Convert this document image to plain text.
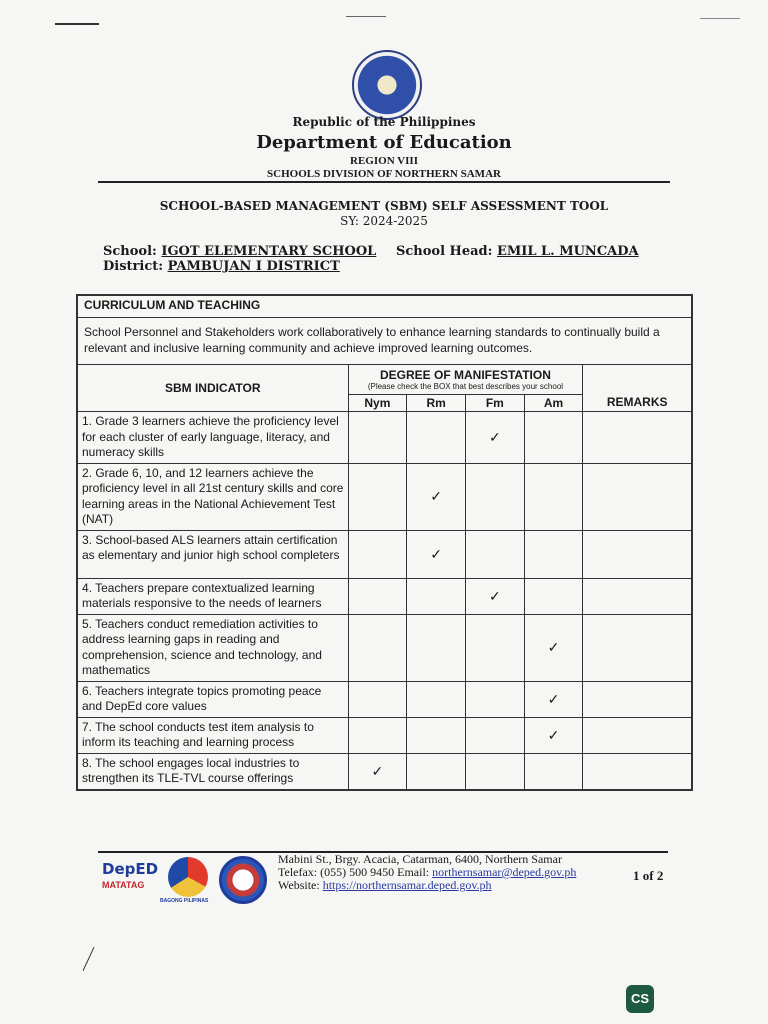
Republic of the Philippines
Department of Education
REGION VIII
SCHOOLS DIVISION OF NORTHERN SAMAR
SCHOOL-BASED MANAGEMENT (SBM) SELF ASSESSMENT TOOL
SY: 2024-2025
School: IGOT ELEMENTARY SCHOOL School Head: EMIL L. MUNCADA
District: PAMBUJAN I DISTRICT
CURRICULUM AND TEACHING					
School Personnel and Stakeholders work collaboratively to enhance learning standards to continually build a relevant and inclusive learning community and achieve improved learning outcomes.					
SBM INDICATOR	DEGREE OF MANIFESTATION
(Please check the BOX that best describes your school				REMARKS
	Nym	Rm	Fm	Am	
1. Grade 3 learners achieve the proficiency level for each cluster of early language, literacy, and numeracy skills			✓		
2. Grade 6, 10, and 12 learners achieve the proficiency level in all 21st century skills and core learning areas in the National Achievement Test (NAT)		✓			
3. School-based ALS learners attain certification as elementary and junior high school completers		✓			
4. Teachers prepare contextualized learning materials responsive to the needs of learners			✓		
5. Teachers conduct remediation activities to address learning gaps in reading and comprehension, science and technology, and mathematics				✓	
6. Teachers integrate topics promoting peace and DepEd core values				✓	
7. The school conducts test item analysis to inform its teaching and learning process				✓	
8. The school engages local industries to strengthen its TLE-TVL course offerings	✓				
DepED
MATATAG
BAGONG PILIPINAS
Mabini St., Brgy. Acacia, Catarman, 6400, Northern Samar
Telefax: (055) 500 9450 Email: northernsamar@deped.gov.ph
Website: https://northernsamar.deped.gov.ph
1 of 2
CS
